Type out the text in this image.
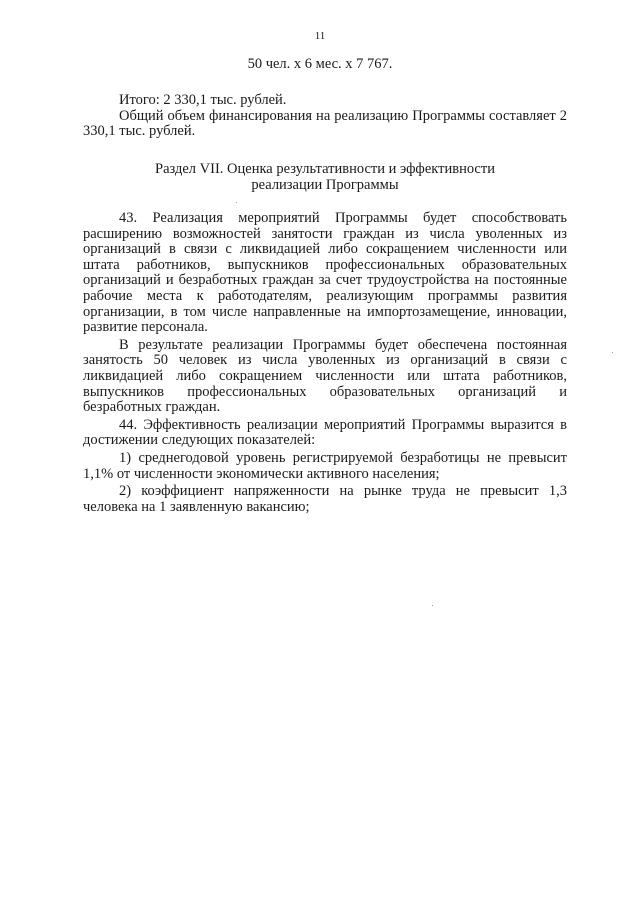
11
50 чел. х 6 мес. х 7 767.

Итого: 2 330,1 тыс. рублей.

Общий объем финансирования на реализацию Программы составляет 2 330,1 тыс. рублей.

Раздел VII. Оценка результативности и эффективности
реализации Программы

43. Реализация мероприятий Программы будет способствовать расширению возможностей занятости граждан из числа уволенных из организаций в связи с ликвидацией либо сокращением численности или штата работников, выпускников профессиональных образовательных организаций и безработных граждан за счет трудоустройства на постоянные рабочие места к работодателям, реализующим программы развития организации, в том числе направленные на импортозамещение, инновации, развитие персонала.

В результате реализации Программы будет обеспечена постоянная занятость 50 человек из числа уволенных из организаций в связи с ликвидацией либо сокращением численности или штата работников, выпускников профессиональных образовательных организаций и безработных граждан.

44. Эффективность реализации мероприятий Программы выразится в достижении следующих показателей:

1) среднегодовой уровень регистрируемой безработицы не превысит 1,1% от численности экономически активного населения;

2) коэффициент напряженности на рынке труда не превысит 1,3 человека на 1 заявленную вакансию;
